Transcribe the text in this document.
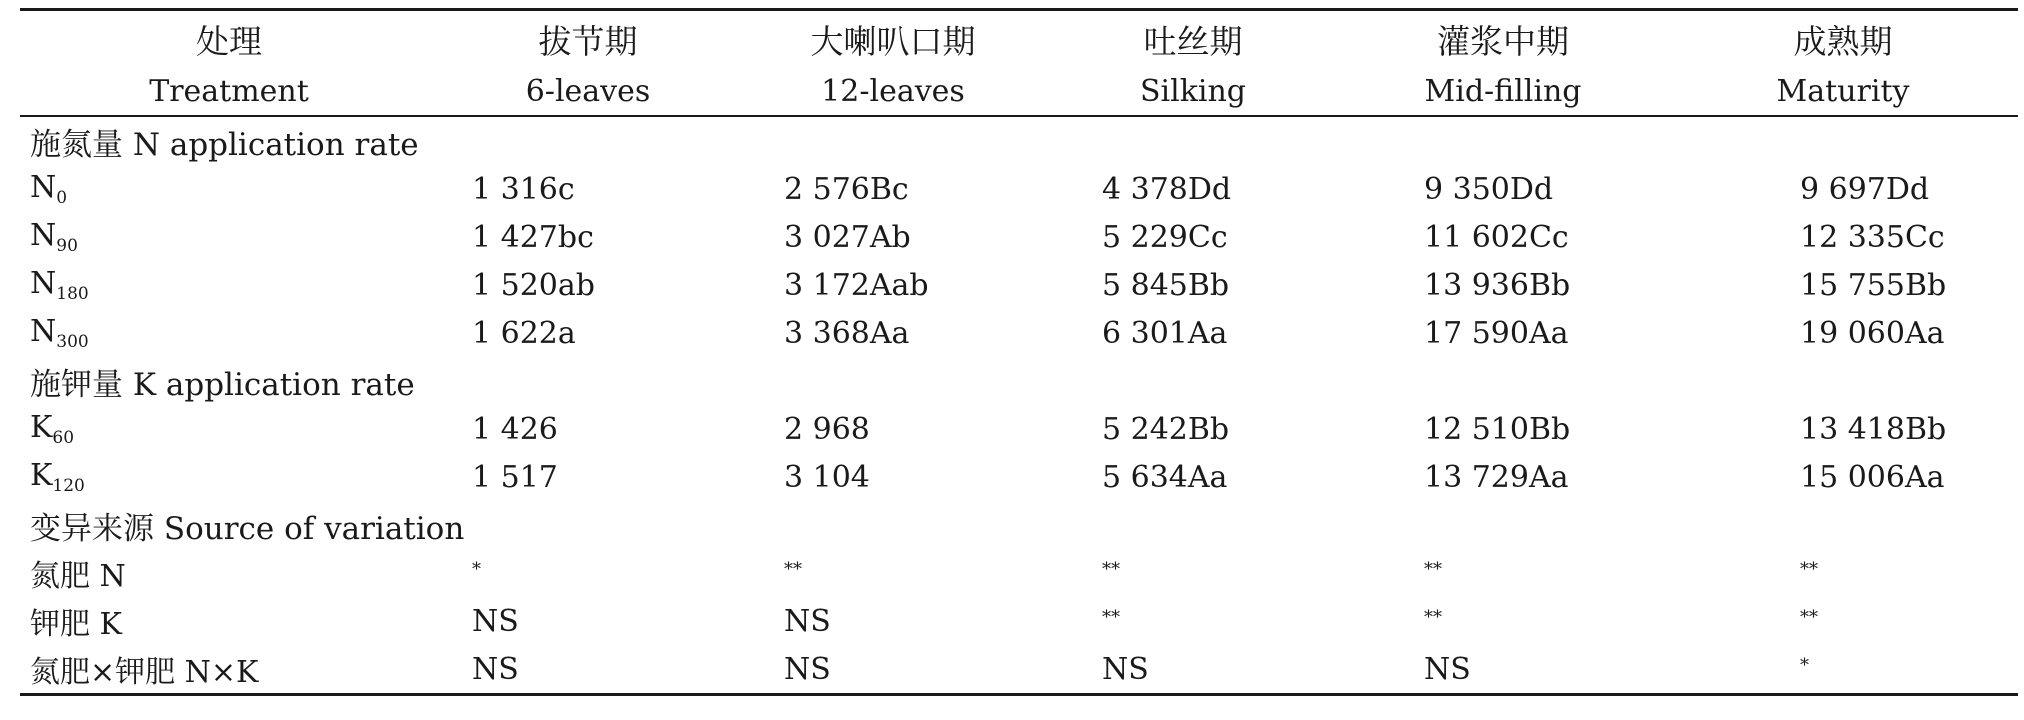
处理	拔节期	大喇叭口期	吐丝期	灌浆中期	成熟期
Treatment	6-leaves	12-leaves	Silking	Mid-filling	Maturity
施氮量 N application rate					
$N_0$	1 316c	2 576Bc	4 378Dd	9 350Dd	9 697Dd
$N_{90}$	1 427bc	3 027Ab	5 229Cc	11 602Cc	12 335Cc
$N_{180}$	1 520ab	3 172Aab	5 845Bb	13 936Bb	15 755Bb
$N_{300}$	1 622a	3 368Aa	6 301Aa	17 590Aa	19 060Aa
施钾量 K application rate					
$K_{60}$	1 426	2 968	5 242Bb	12 510Bb	13 418Bb
$K_{120}$	1 517	3 104	5 634Aa	13 729Aa	15 006Aa
变异来源 Source of variation					
氮肥 N	*	**	**	**	**
钾肥 K	NS	NS	**	**	**
氮肥×钾肥 N×K	NS	NS	NS	NS	*
